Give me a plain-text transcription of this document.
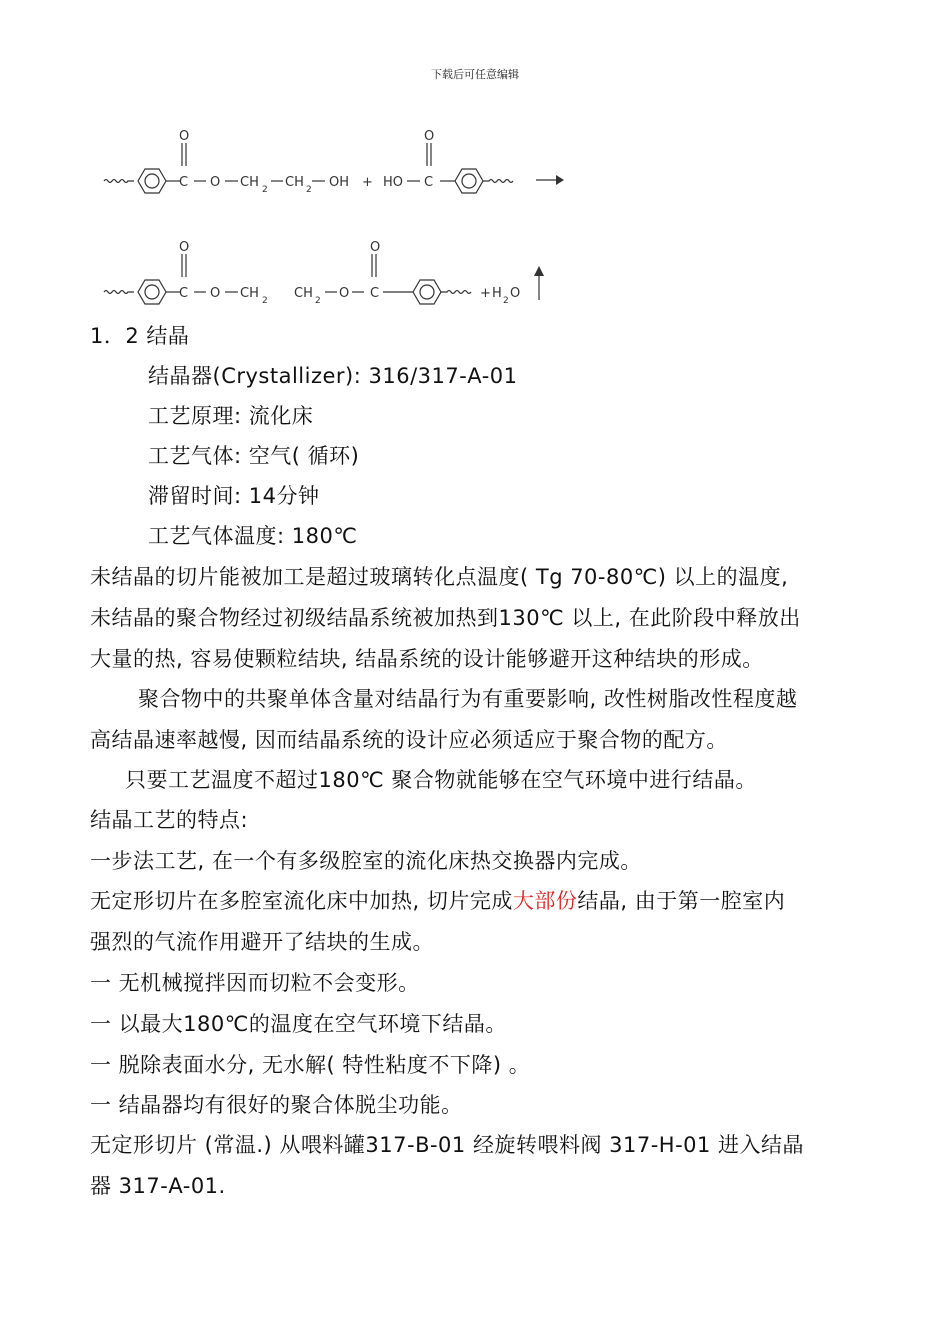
下载后可任意编辑
O
C O CH 2 CH 2 OH + HO
O
C
O
C O CH 2 CH 2 O
O
C	+ H 2 O
1．2 结晶
结晶器(Crystallizer): 316/317-A-01
工艺原理: 流化床
工艺气体: 空气( 循环)
滞留时间: 14分钟
工艺气体温度: 180℃
未结晶的切片能被加工是超过玻璃转化点温度( Tg 70-80℃) 以上的温度,
未结晶的聚合物经过初级结晶系统被加热到130℃ 以上, 在此阶段中释放出
大量的热, 容易使颗粒结块, 结晶系统的设计能够避开这种结块的形成。
聚合物中的共聚单体含量对结晶行为有重要影响, 改性树脂改性程度越
高结晶速率越慢, 因而结晶系统的设计应必须适应于聚合物的配方。
只要工艺温度不超过180℃ 聚合物就能够在空气环境中进行结晶。
结晶工艺的特点:
一步法工艺, 在一个有多级腔室的流化床热交换器内完成。
无定形切片在多腔室流化床中加热, 切片完成大部份结晶, 由于第一腔室内
强烈的气流作用避开了结块的生成。
一 无机械搅拌因而切粒不会变形。
一 以最大180℃的温度在空气环境下结晶。
一 脱除表面水分, 无水解( 特性粘度不下降) 。
一 结晶器均有很好的聚合体脱尘功能。
无定形切片 (常温.) 从喂料罐317-B-01 经旋转喂料阀 317-H-01 进入结晶
器 317-A-01.
